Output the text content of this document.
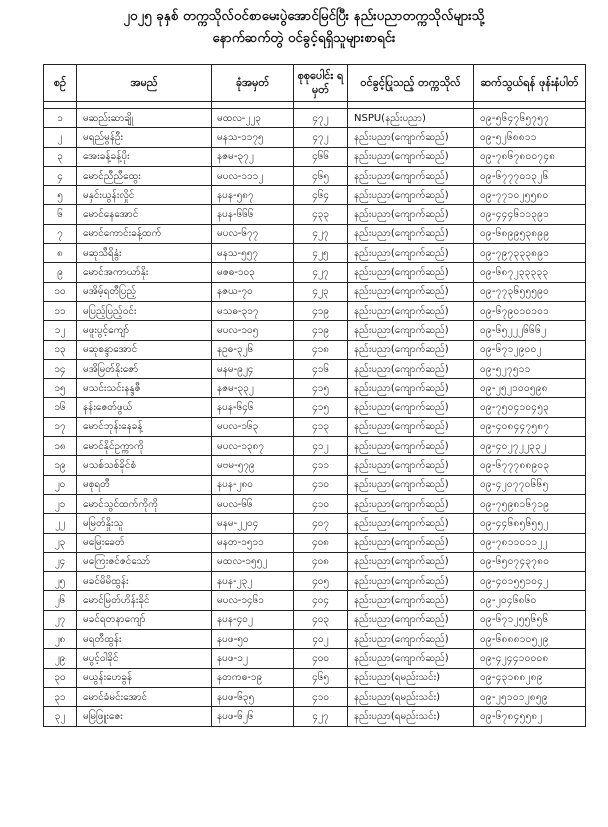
၂၀၂၅ ခုနှစ် တက္ကသိုလ်ဝင်စာမေးပွဲအောင်မြင်ပြီး နည်းပညာတက္ကသိုလ်များသို့
နောက်ဆက်တွဲ ဝင်ခွင့်ရရှိသူများစာရင်း
စဉ်	အမည်	ခုံအမှတ်	စုစုပေါင်း ရမှတ်	ဝင်ခွင့်ပြုသည့် တက္ကသိုလ်	ဆက်သွယ်ရန် ဖုန်းနံပါတ်

၁	မဆည်းဆာချို	မထလ-၂၂၃	၄၇၂	NSPU(နည်းပညာ)	၀၉-၅၆၄၇၆၅၇၅၇
၂	မရည်မွန်ဦး	မနသ-၁၁၇၅	၄၇၂	နည်းပညာ(ကျောက်ဆည်)	၀၉-၅၂၆၈၈၁၁
၃	အေးခန့်ခန့်ပိုး	နဇမ-၃၇၂	၄၆၆	နည်းပညာ(ကျောက်ဆည်)	၀၉-၇၈၆၇၈၀၀၇၄၈
၄	မောင်ညီညီထွေး	မပလ-၁၁၁၂	၄၆၅	နည်းပညာ(ကျောက်ဆည်)	၀၉-၆၇၇၇၀၁၃၂၆
၅	မနှင်းယွန်းလှိုင်	နပန-၅၈၇	၄၆၄	နည်းပညာ(ကျောက်ဆည်)	၀၉-၇၇၁၀၂၅၅၈၀
၆	မောင်နေအောင်	နပန-၆၆၆	၄၃၃	နည်းပညာ(ကျောက်ဆည်)	၀၉-၄၄၄၆၁၁၃၉၁
၇	မောင်ကောင်းခန့်ထက်	မပလ-၆၇၇	၄၂၇	နည်းပညာ(ကျောက်ဆည်)	၀၉-၆၈၉၉၅၃၈၉၉
၈	မဆုသီရိနွံး	မနသ-၅၅၇	၄၂၅	နည်းပညာ(ကျောက်ဆည်)	၀၉-၇၉၇၃၃၃၈၉၁
၉	မောင်အကာယာ်နိုး	မဇဓ-၁၀၃	၄၂၇	နည်းပညာ(ကျောက်ဆည်)	၀၉-၆၈၇၂၃၃၃၃၃
၁၀	မအိမ့်ရတီပြည့်	နဇယ-၇၀	၄၂၃	နည်းပညာ(ကျောက်ဆည်)	၀၉-၇၇၃၆၅၅၅၉၀
၁၁	မပြည့်ပြည့်ဝင်း	မသဓ-၃၁၇	၄၁၉	နည်းပညာ(ကျောက်ဆည်)	၀၉-၆၇၉၀၁၀၁၀၁
၁၂	မဖူးပွင့်ကျော်	မပလ-၁၀၅	၄၁၉	နည်းပညာ(ကျောက်ဆည်)	၀၉-၆၅၂၂၂၆၆၆၂
၁၃	မဆုစန္ဒာအောင်	နဥဓ-၃၂၆	၄၁၈	နည်းပညာ(ကျောက်ဆည်)	၀၉-၆၇၁၂၉၀၀၂
၁၄	မအိမြတ်နိုးဇော်	မနမ-၉၂၄	၄၁၆	နည်းပညာ(ကျောက်ဆည်)	၀၉-၅၂၇၅၁၁
၁၅	မသင်းသင်းနန္ဒဇီ	နဇမ-၃၃၂	၄၁၅	နည်းပညာ(ကျောက်ဆည်)	၀၉-၂၅၂၁၀၀၅၉၈
၁၆	နန်းဇေတ်ဖွယ်	နပန-၆၄၆	၄၁၅	နည်းပညာ(ကျောက်ဆည်)	၀၉-၇၅၀၄၁၀၄၅၃
၁၇	မောင်ဘုန်းနေခန့်	မပလ-၁၆၃	၄၁၃	နည်းပညာ(ကျောက်ဆည်)	၀၉-၄၀၈၄၄၇၅၈၇
၁၈	မောင်နိုင်ဥက္ကာကို	မပလ-၁၃၈၇	၄၁၂	နည်းပညာ(ကျောက်ဆည်)	၀၉-၄၀၂၇၂၂၃၃၂
၁၉	မသစ်သစ်ခိုင်စံ	မဗမ-၅၇၉	၄၁၁	နည်းပညာ(ကျောက်ဆည်)	၀၉-၆၇၇၇၈၈၉၀၃
၂၀	မစုရတီ	နပန-၂၈၀	၄၁၀	နည်းပညာ(ကျောက်ဆည်)	၀၉-၄၂၀၇၇၀၆၆၅
၂၁	မောင်သွင်ထက်ကိုကို	မပလ-၆၆	၄၁၀	နည်းပညာ(ကျောက်ဆည်)	၀၉-၇၅၉၈၁၆၇၁၉
၂၂	မမြတ်နှိုးသူ	မနမ-၂၂၀၄	၄၀၇	နည်းပညာ(ကျောက်ဆည်)	၀၉-၄၄၆၈၅၆၅၅၂
၂၃	မမြေးခေတ်	မနတ-၁၅၁၁	၄၀၈	နည်းပညာ(ကျောက်ဆည်)	၀၉-၇၈၁၁၀၁၁၂၂
၂၄	မကြေးဇင်ဇင်သော်	မထလ-၁၅၅၂	၄၀၈	နည်းပညာ(ကျောက်ဆည်)	၀၉-၆၅၀၇၄၃၇၈၀
၂၅	မခင်မိမိထွန်း	နပန-၂၃၂	၄၀၅	နည်းပညာ(ကျောက်ဆည်)	၀၉-၄၀၁၅၅၁၀၄၂
၂၆	မောင်မြတ်ဟိန်းခိုင်	မပလ-၁၄၆၁	၄၀၄	နည်းပညာ(ကျောက်ဆည်)	၀၉-၂၀၄၆၈၆၀
၂၇	မခင်ရတနာကျော်	နပန-၄၀၂	၄၀၃	နည်းပညာ(ကျောက်ဆည်)	၀၉-၆၇၁၂၅၅၆၅၆
၂၈	မရတီထွန်း	နပဖ-၅၀	၄၀၂	နည်းပညာ(ကျောက်ဆည်)	၀၉-၆၈၈၈၁၀၅၂၉
၂၉	မပွင့်ဝါခိုင်	နပဖ-၁၂	၄၀၀	နည်းပညာ(ကျောက်ဆည်)	၀၉-၄၂၄၄၁၀၀၀၈
၃၀	မယွန်းဟေခွန်	နတကဓ-၁၉	၄၆၅	နည်းပညာ(ရမည်းသင်း)	၀၉-၄၃၁၈၈၂၈၉
၃၁	မောင်ခံမင်းအောင်	နပဖ-၆၃၅	၄၁၀	နည်းပညာ(ရမည်းသင်း)	၀၉-၂၅၁၀၁၂၈၅၉
၃၂	မမြဖြူးဇေး	နပဖ-၆၂၆	၄၂၇	နည်းပညာ(ရမည်းသင်း)	၀၉-၆၇၈၄၅၅၈၂
